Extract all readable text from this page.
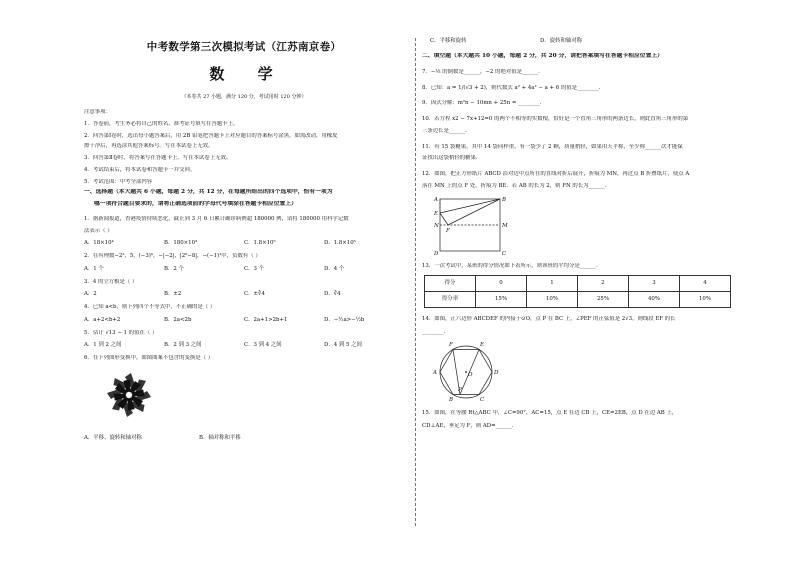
中考数学第三次模拟考试（江苏南京卷）
数 学
（本卷共 27 小题，满分 120 分，考试用时 120 分钟）

注意事项：

1．答卷前，考生务必将自己的姓名、准考证号填写在答题卡上。

2．回答第Ⅰ卷时，选出每小题答案后，用 2B 铅笔把答题卡上对应题目的答案标号涂黑。如需改动，用橡皮

擦干净后，再选涂其他答案标号。写在本试卷上无效。

3．回答第Ⅱ卷时，将答案写在答题卡上。写在本试卷上无效。

4．考试结束后，将本试卷和答题卡一并交回。

5．考试范围：中考全部内容

一、选择题（本大题共 6 小题，每题 2 分，共 12 分，在每题所给出的四个选项中，恰有一项为

哪一项符合题目要求的，请将正确选项前的字母代号填涂在答题卡相应位置上）

1．据新闻报道，香港疫情持续恶化，截止到 3 月 6 日累计确诊病例超 180000 例，请将 180000 用科学记数

法表示（ ）

A．18×10⁴	B．180×10³	C．1.8×10⁵	D．1.8×10⁶

2．在有理数−2²，5，(−3)⁰，−|−2|，|2⁰−8|，−(−1)¹中，负数有（ ）

A．1 个	B．2 个	C．3 个	D．4 个

3．4 的立方根是（ ）

A．2	B．±2	C．±∛4	D．∛4

4．已知 a<b，则下列四个不等式中，不正确的是（ ）

A．a+2<b+2	B．2a<2b	C．2a+1>2b+1	D．−½a>−½b

5．估计 √13 − 1 的值在（ ）

A．1 到 2 之间	B．2 到 3 之间	C．3 到 4 之间	D．4 到 5 之间

6．在下列图形变换中，如图图案不包含的变换是（ ）

A．平移、旋转和轴对称	B．轴对称和平移
C．平移和旋转	D．旋转和轴对称

二、填空题（本大题共 10 小题，每题 2 分，共 20 分，请把答案填写在答题卡相应位置上）

7．−⅓ 的倒数是______，−2 的绝对值是______．

8．已知：a = 1/(√3 + 2)，则代数式 a² + 4a² − a + 6 的值是________．

9．因式分解：m²n − 10mn + 25n = ________．

10．若方程 x2 − 7x+12=0 的两个不相等的实数根，恰好是一个直角三角形的两条边长，则此直角三角形的第

三条边长是______．

11．有 15 袋糖果，其中 14 袋同样重，有一袋少了 2 颗，质量稍轻，如果用天平称，至少称______次才能保

证找出这袋稍轻的糖果．

12．如图，把正方形纸片 ABCD 沿对边中点所在的直线对折后展开，折痕为 MN，再过点 B 折叠纸片，使点 A

落在 MN 上的点 F 处，折痕为 BE．若 AB 的长为 2，则 FN 的长为______．

A	B
E
N
F
M
D	C

13．一次考试中，某班的得分情况如下表所示，则该班的平均分是______．

得分	0	1	2	3	4
得分率	15%	10%	25%	40%	10%

14．如图，正六边形 ABCDEF 的内接于⊙O，点 P 在 BC 上，∠PEF 的正弦值是 2√3，则线段 EF 的长

________．

F	E
A	D
B	C
O
P

15．如图，在等腰 Rt△ABC 中，∠C=90°，AC=15，点 E 在边 CB 上，CE=2EB，点 D 在边 AB 上，

CD⊥AE，垂足为 F，则 AD=______．
